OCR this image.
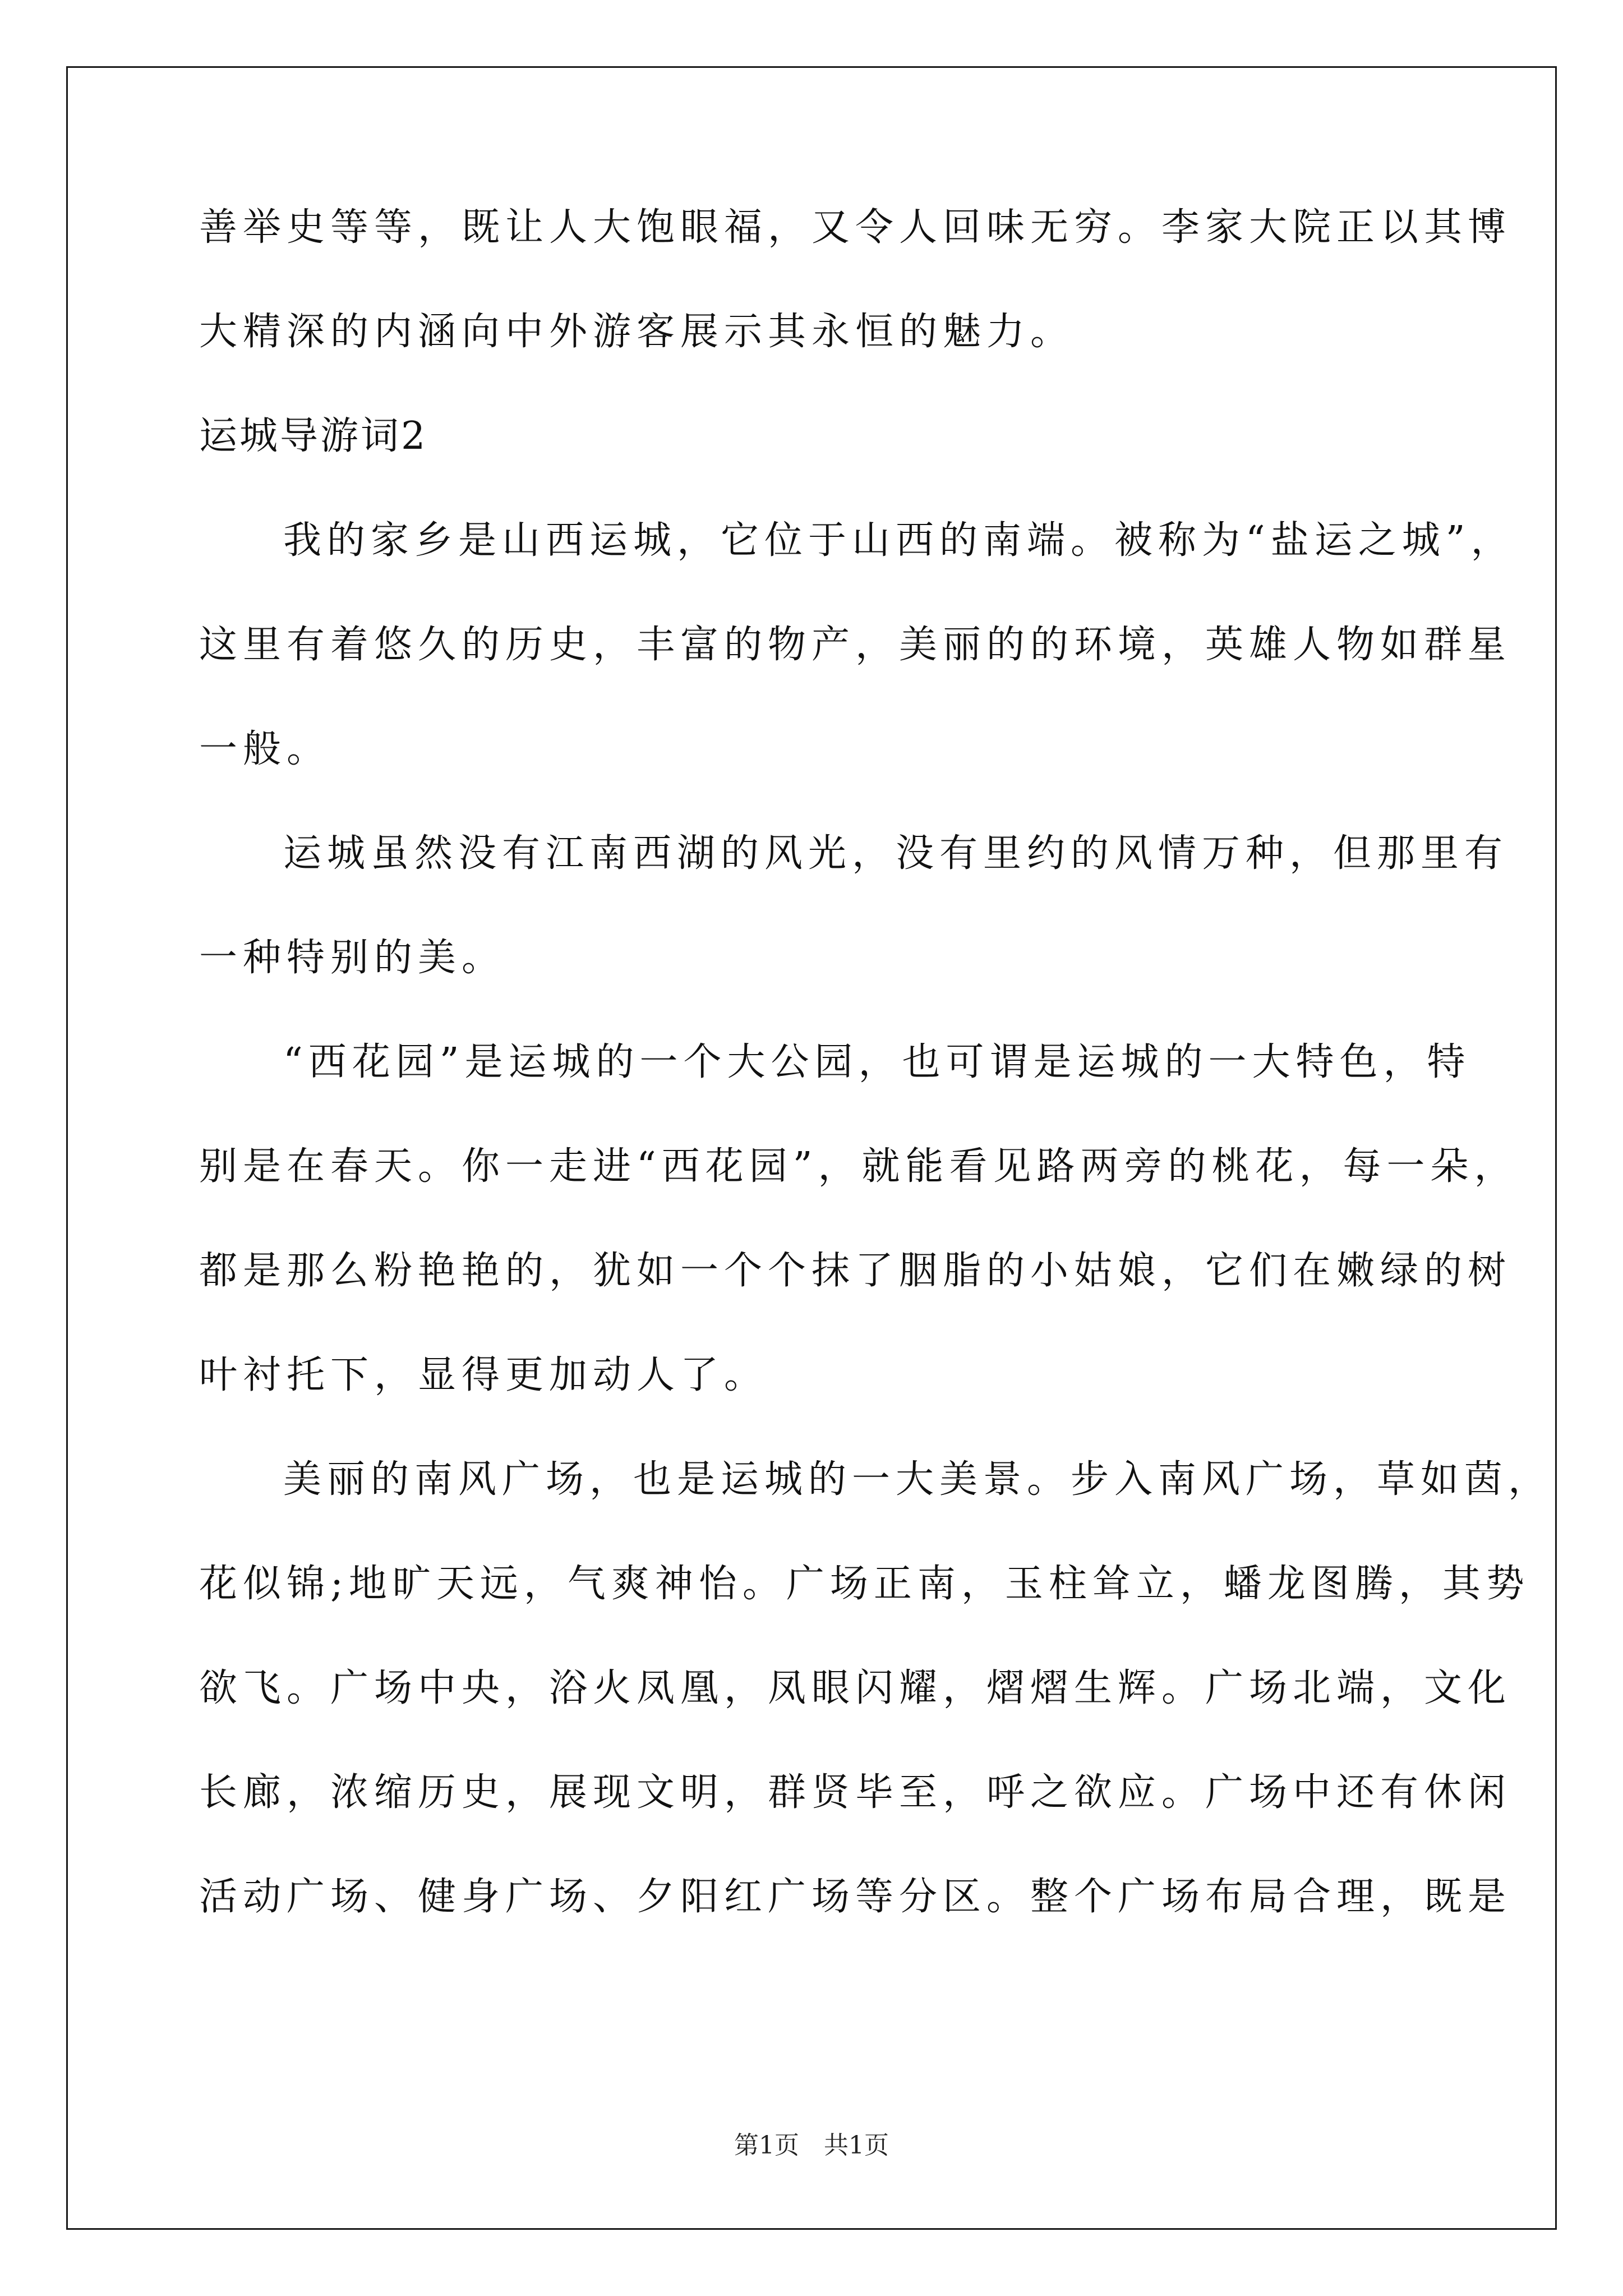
善举史等等，既让人大饱眼福，又令人回味无穷。李家大院正以其博
大精深的内涵向中外游客展示其永恒的魅力。
运城导游词2
我的家乡是山西运城，它位于山西的南端。被称为“盐运之城”，
这里有着悠久的历史，丰富的物产，美丽的的环境，英雄人物如群星
一般。
运城虽然没有江南西湖的风光，没有里约的风情万种，但那里有
一种特别的美。
“西花园”是运城的一个大公园，也可谓是运城的一大特色，特
别是在春天。你一走进“西花园”，就能看见路两旁的桃花，每一朵，
都是那么粉艳艳的，犹如一个个抹了胭脂的小姑娘，它们在嫩绿的树
叶衬托下，显得更加动人了。
美丽的南风广场，也是运城的一大美景。步入南风广场，草如茵，
花似锦;地旷天远，气爽神怡。广场正南，玉柱耸立，蟠龙图腾，其势
欲飞。广场中央，浴火凤凰，凤眼闪耀，熠熠生辉。广场北端，文化
长廊，浓缩历史，展现文明，群贤毕至，呼之欲应。广场中还有休闲
活动广场、健身广场、夕阳红广场等分区。整个广场布局合理，既是
第1页　共1页
